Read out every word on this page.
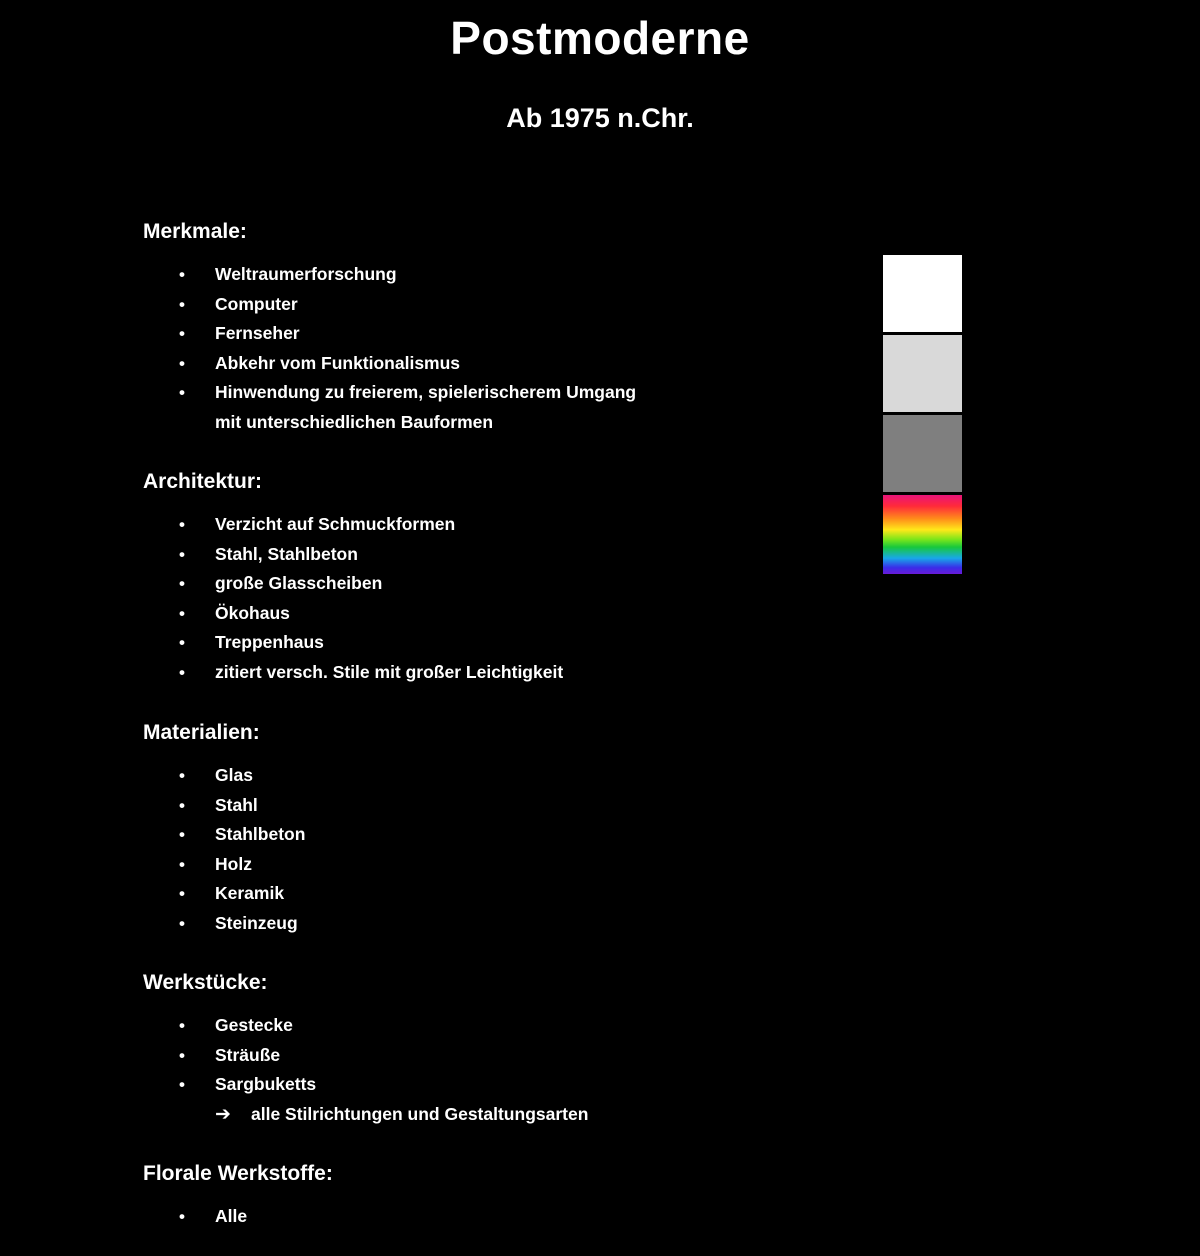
Postmoderne
Ab 1975 n.Chr.
Merkmale:
• Weltraumerforschung
• Computer
• Fernseher
• Abkehr vom Funktionalismus
• Hinwendung zu freierem, spielerischerem Umgang
mit unterschiedlichen Bauformen
Architektur:
• Verzicht auf Schmuckformen
• Stahl, Stahlbeton
• große Glasscheiben
• Ökohaus
• Treppenhaus
• zitiert versch. Stile mit großer Leichtigkeit
Materialien:
• Glas
• Stahl
• Stahlbeton
• Holz
• Keramik
• Steinzeug
Werkstücke:
• Gestecke
• Sträuße
• Sargbuketts
➔ alle Stilrichtungen und Gestaltungsarten
Florale Werkstoffe:
• Alle
